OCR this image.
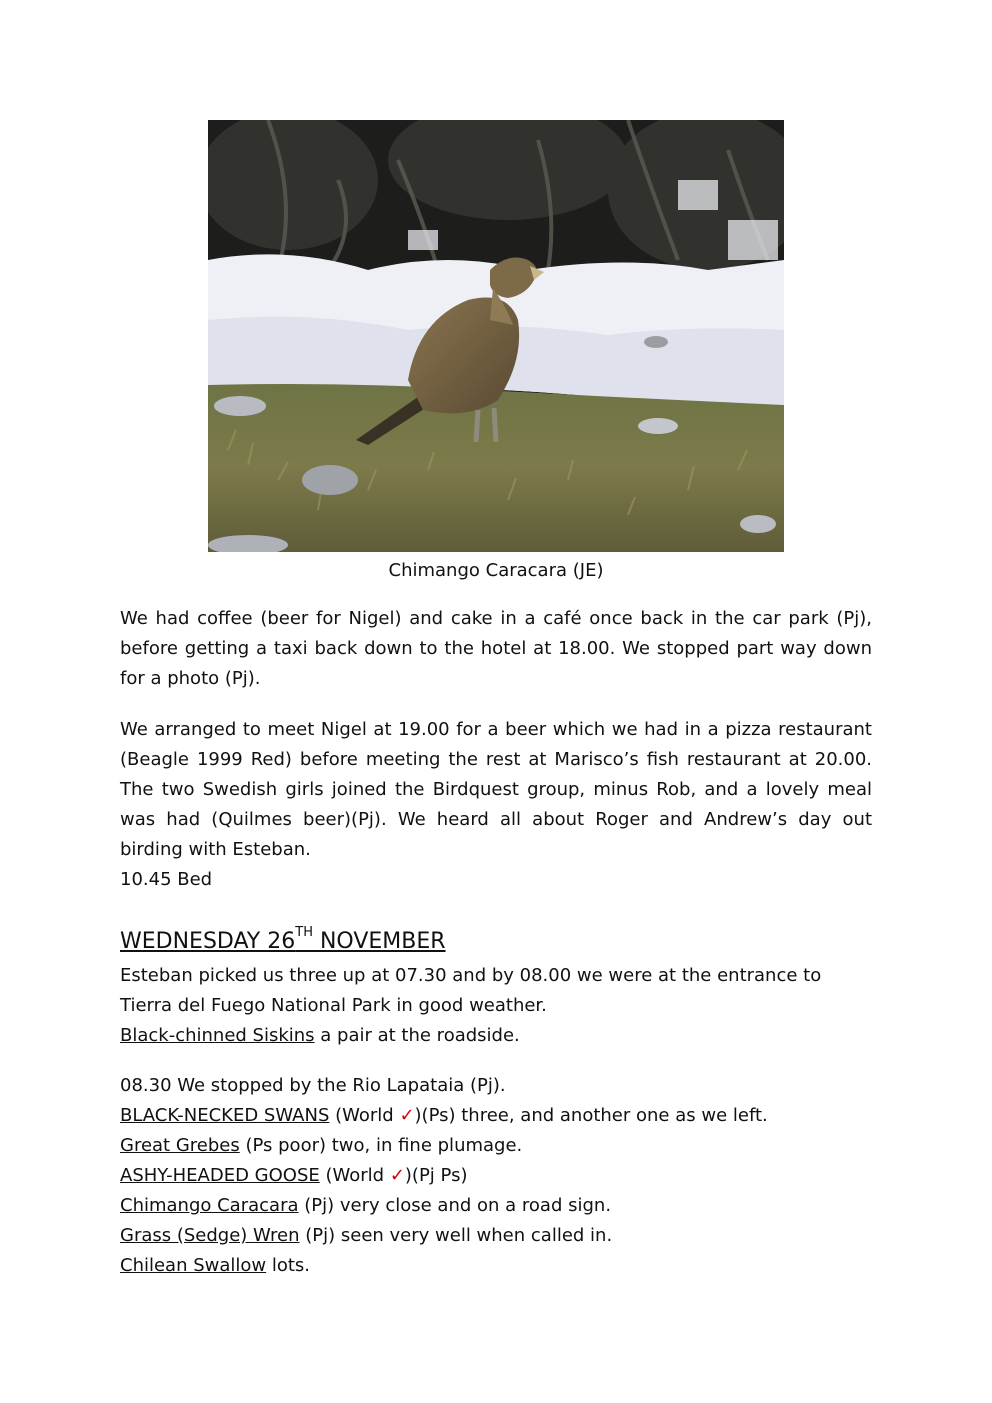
Chimango Caracara (JE)

We had coffee (beer for Nigel) and cake in a café once back in the car park (Pj), before getting a taxi back down to the hotel at 18.00. We stopped part way down for a photo (Pj).

We arranged to meet Nigel at 19.00 for a beer which we had in a pizza restaurant (Beagle 1999 Red) before meeting the rest at Marisco’s fish restaurant at 20.00. The two Swedish girls joined the Birdquest group, minus Rob, and a lovely meal was had (Quilmes beer)(Pj). We heard all about Roger and Andrew’s day out birding with Esteban.

10.45 Bed

WEDNESDAY 26TH NOVEMBER

Esteban picked us three up at 07.30 and by 08.00 we were at the entrance to Tierra del Fuego National Park in good weather.

Black-chinned Siskins a pair at the roadside.

08.30 We stopped by the Rio Lapataia (Pj).

BLACK-NECKED SWANS (World ✓)(Ps) three, and another one as we left.

Great Grebes (Ps poor) two, in fine plumage.

ASHY-HEADED GOOSE (World ✓)(Pj Ps)

Chimango Caracara (Pj) very close and on a road sign.

Grass (Sedge) Wren (Pj) seen very well when called in.

Chilean Swallow lots.
